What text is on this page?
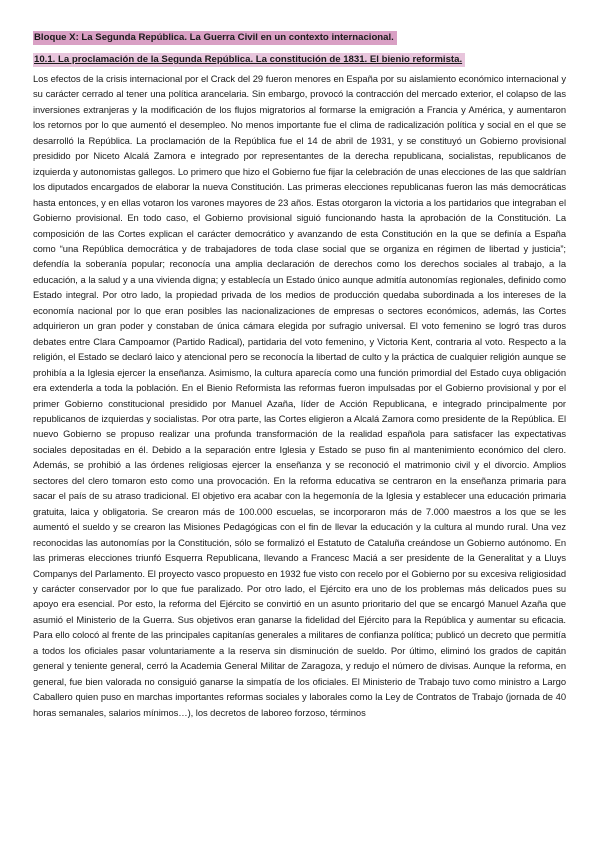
Bloque X: La Segunda República. La Guerra Civil en un contexto internacional.
10.1. La proclamación de la Segunda República. La constitución de 1831. El bienio reformista.

Los efectos de la crisis internacional por el Crack del 29 fueron menores en España por su aislamiento económico internacional y su carácter cerrado al tener una política arancelaria. Sin embargo, provocó la contracción del mercado exterior, el colapso de las inversiones extranjeras y la modificación de los flujos migratorios al formarse la emigración a Francia y América, y aumentaron los retornos por lo que aumentó el desempleo. No menos importante fue el clima de radicalización política y social en el que se desarrolló la República. La proclamación de la República fue el 14 de abril de 1931, y se constituyó un Gobierno provisional presidido por Niceto Alcalá Zamora e integrado por representantes de la derecha republicana, socialistas, republicanos de izquierda y autonomistas gallegos. Lo primero que hizo el Gobierno fue fijar la celebración de unas elecciones de las que saldrían los diputados encargados de elaborar la nueva Constitución. Las primeras elecciones republicanas fueron las más democráticas hasta entonces, y en ellas votaron los varones mayores de 23 años. Estas otorgaron la victoria a los partidarios que integraban el Gobierno provisional. En todo caso, el Gobierno provisional siguió funcionando hasta la aprobación de la Constitución. La composición de las Cortes explican el carácter democrático y avanzando de esta Constitución en la que se definía a España como “una República democrática y de trabajadores de toda clase social que se organiza en régimen de libertad y justicia”; defendía la soberanía popular; reconocía una amplia declaración de derechos como los derechos sociales al trabajo, a la educación, a la salud y a una vivienda digna; y establecía un Estado único aunque admitía autonomías regionales, definido como Estado integral. Por otro lado, la propiedad privada de los medios de producción quedaba subordinada a los intereses de la economía nacional por lo que eran posibles las nacionalizaciones de empresas o sectores económicos, además, las Cortes adquirieron un gran poder y constaban de única cámara elegida por sufragio universal. El voto femenino se logró tras duros debates entre Clara Campoamor (Partido Radical), partidaria del voto femenino, y Victoria Kent, contraria al voto. Respecto a la religión, el Estado se declaró laico y atencional pero se reconocía la libertad de culto y la práctica de cualquier religión aunque se prohibía a la Iglesia ejercer la enseñanza. Asimismo, la cultura aparecía como una función primordial del Estado cuya obligación era extenderla a toda la población. En el Bienio Reformista las reformas fueron impulsadas por el Gobierno provisional y por el primer Gobierno constitucional presidido por Manuel Azaña, líder de Acción Republicana, e integrado principalmente por republicanos de izquierdas y socialistas. Por otra parte, las Cortes eligieron a Alcalá Zamora como presidente de la República. El nuevo Gobierno se propuso realizar una profunda transformación de la realidad española para satisfacer las expectativas sociales depositadas en él. Debido a la separación entre Iglesia y Estado se puso fin al mantenimiento económico del clero. Además, se prohibió a las órdenes religiosas ejercer la enseñanza y se reconoció el matrimonio civil y el divorcio. Amplios sectores del clero tomaron esto como una provocación. En la reforma educativa se centraron en la enseñanza primaria para sacar el país de su atraso tradicional. El objetivo era acabar con la hegemonía de la Iglesia y establecer una educación primaria gratuita, laica y obligatoria. Se crearon más de 100.000 escuelas, se incorporaron más de 7.000 maestros a los que se les aumentó el sueldo y se crearon las Misiones Pedagógicas con el fin de llevar la educación y la cultura al mundo rural. Una vez reconocidas las autonomías por la Constitución, sólo se formalizó el Estatuto de Cataluña creándose un Gobierno autónomo. En las primeras elecciones triunfó Esquerra Republicana, llevando a Francesc Maciá a ser presidente de la Generalitat y a Lluys Companys del Parlamento. El proyecto vasco propuesto en 1932 fue visto con recelo por el Gobierno por su excesiva religiosidad y carácter conservador por lo que fue paralizado. Por otro lado, el Ejército era uno de los problemas más delicados pues su apoyo era esencial. Por esto, la reforma del Ejército se convirtió en un asunto prioritario del que se encargó Manuel Azaña que asumió el Ministerio de la Guerra. Sus objetivos eran ganarse la fidelidad del Ejército para la República y aumentar su eficacia. Para ello colocó al frente de las principales capitanías generales a militares de confianza política; publicó un decreto que permitía a todos los oficiales pasar voluntariamente a la reserva sin disminución de sueldo. Por último, eliminó los grados de capitán general y teniente general, cerró la Academia General Militar de Zaragoza, y redujo el número de divisas. Aunque la reforma, en general, fue bien valorada no consiguió ganarse la simpatía de los oficiales. El Ministerio de Trabajo tuvo como ministro a Largo Caballero quien puso en marchas importantes reformas sociales y laborales como la Ley de Contratos de Trabajo (jornada de 40 horas semanales, salarios mínimos…), los decretos de laboreo forzoso, términos
